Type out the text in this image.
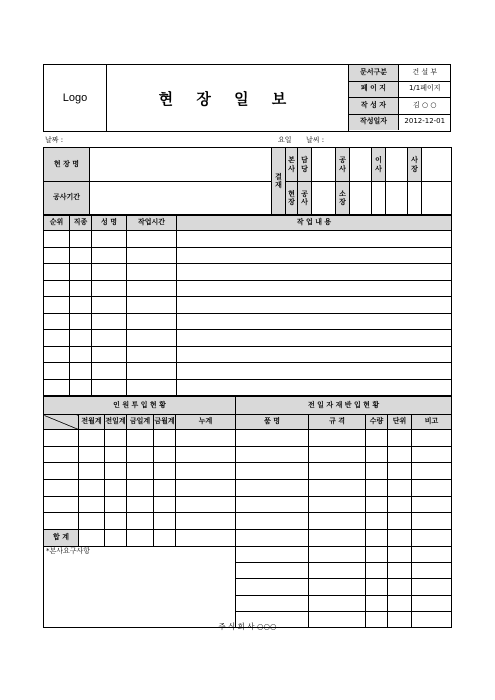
Logo	현 장 일 보
문서구분	건 설 부
페 이 지	1/1페이지
작 성 자	김 ○ ○
작성일자	2012-12-01
날짜 :	요일 날씨 :
현 장 명		결 재	본사	담당		공사		이사		사장	
공사기간			현장	공사		소장					
순위	직종	성 명	작업시간	작 업 내 용

인 원 투 입 현 황						전 일 자 재 반 입 현 황				
	전월계	전일계	금일계	금월계	누계	품 명	규 격	수량	단위	비고

합 계										
*본사요구사항										

주 식 회 사 ○○○
